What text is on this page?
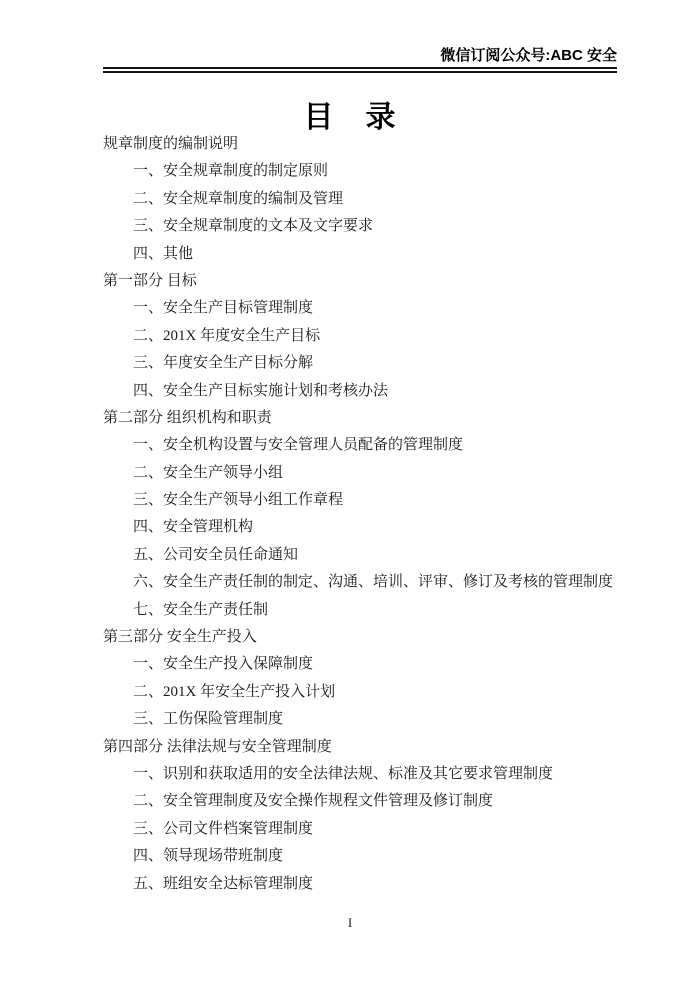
微信订阅公众号:ABC 安全
目　录
规章制度的编制说明
一、安全规章制度的制定原则
二、安全规章制度的编制及管理
三、安全规章制度的文本及文字要求
四、其他
第一部分 目标
一、安全生产目标管理制度
二、201X 年度安全生产目标
三、年度安全生产目标分解
四、安全生产目标实施计划和考核办法
第二部分 组织机构和职责
一、安全机构设置与安全管理人员配备的管理制度
二、安全生产领导小组
三、安全生产领导小组工作章程
四、安全管理机构
五、公司安全员任命通知
六、安全生产责任制的制定、沟通、培训、评审、修订及考核的管理制度
七、安全生产责任制
第三部分 安全生产投入
一、安全生产投入保障制度
二、201X 年安全生产投入计划
三、工伤保险管理制度
第四部分 法律法规与安全管理制度
一、识别和获取适用的安全法律法规、标准及其它要求管理制度
二、安全管理制度及安全操作规程文件管理及修订制度
三、公司文件档案管理制度
四、领导现场带班制度
五、班组安全达标管理制度
I
